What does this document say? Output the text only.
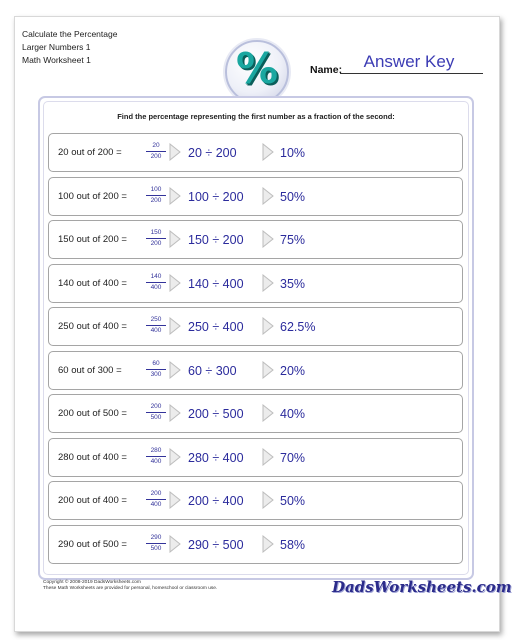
Calculate the Percentage
Larger Numbers 1
Math Worksheet 1	%	Name:	Answer Key
Find the percentage representing the first number as a fraction of the second:
20 out of 200 =	$\frac{20}{200} 20 \div 200$	10%
100 out of 200 =	$\frac{100}{200} 100 \div 200$	50%
150 out of 200 =	$\frac{150}{200} 150 \div 200$	75%
140 out of 400 =	$\frac{140}{400} 140 \div 400$	35%
250 out of 400 =	$\frac{250}{400} 250 \div 400$	62.5%
60 out of 300 =	$\frac{60}{300} 60 \div 300$	20%
200 out of 500 =	$\frac{200}{500} 200 \div 500$	40%
280 out of 400 =	$\frac{280}{400} 280 \div 400$	70%
200 out of 400 =	$\frac{200}{400} 200 \div 400$	50%
290 out of 500 =	$\frac{290}{500} 290 \div 500$	58%
Copyright © 2008-2019 DadsWorksheets.com
These Math Worksheets are provided for personal, homeschool or classroom use.	DadsWorksheets.com
